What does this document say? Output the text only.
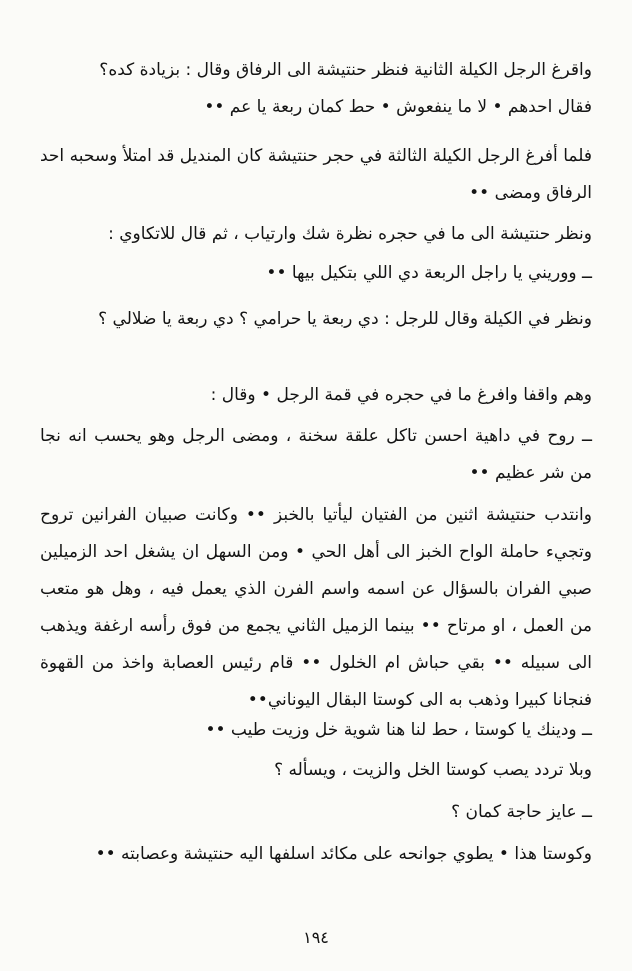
واقرغ الرجل الكيلة الثانية فنظر حنتيشة الى الرفاق وقال : بزيادة كده؟
فقال احدهم • لا ما ينفعوش • حط كمان ربعة يا عم ••
فلما أفرغ الرجل الكيلة الثالثة في حجر حنتيشة كان المنديل قد امتلأ وسحبه احد الرفاق ومضى ••
ونظر حنتيشة الى ما في حجره نظرة شك وارتياب ، ثم قال للاتكاوي :
ــ ووريني يا راجل الربعة دي اللي بتكيل بيها ••
ونظر في الكيلة وقال للرجل : دي ربعة يا حرامي ؟ دي ربعة يا ضلالي ؟
وهم واقفا وافرغ ما في حجره في قمة الرجل • وقال :
ــ روح في داهية احسن تاكل علقة سخنة ، ومضى الرجل وهو يحسب انه نجا من شر عظيم ••
وانتدب حنتيشة اثنين من الفتيان ليأتيا بالخبز •• وكانت صبيان الفرانين تروح وتجيء حاملة الواح الخبز الى أهل الحي • ومن السهل ان يشغل احد الزميلين صبي الفران بالسؤال عن اسمه واسم الفرن الذي يعمل فيه ، وهل هو متعب من العمل ، او مرتاح •• بينما الزميل الثاني يجمع من فوق رأسه ارغفة ويذهب الى سبيله •• بقي حباش ام الخلول •• قام رئيس العصابة واخذ من القهوة فنجانا كبيرا وذهب به الى كوستا البقال اليوناني••
ــ ودينك يا كوستا ، حط لنا هنا شوية خل وزيت طيب ••
وبلا تردد يصب كوستا الخل والزيت ، ويسأله ؟
ــ عايز حاجة كمان ؟
وكوستا هذا • يطوي جوانحه على مكائد اسلفها اليه حنتيشة وعصابته ••
١٩٤
